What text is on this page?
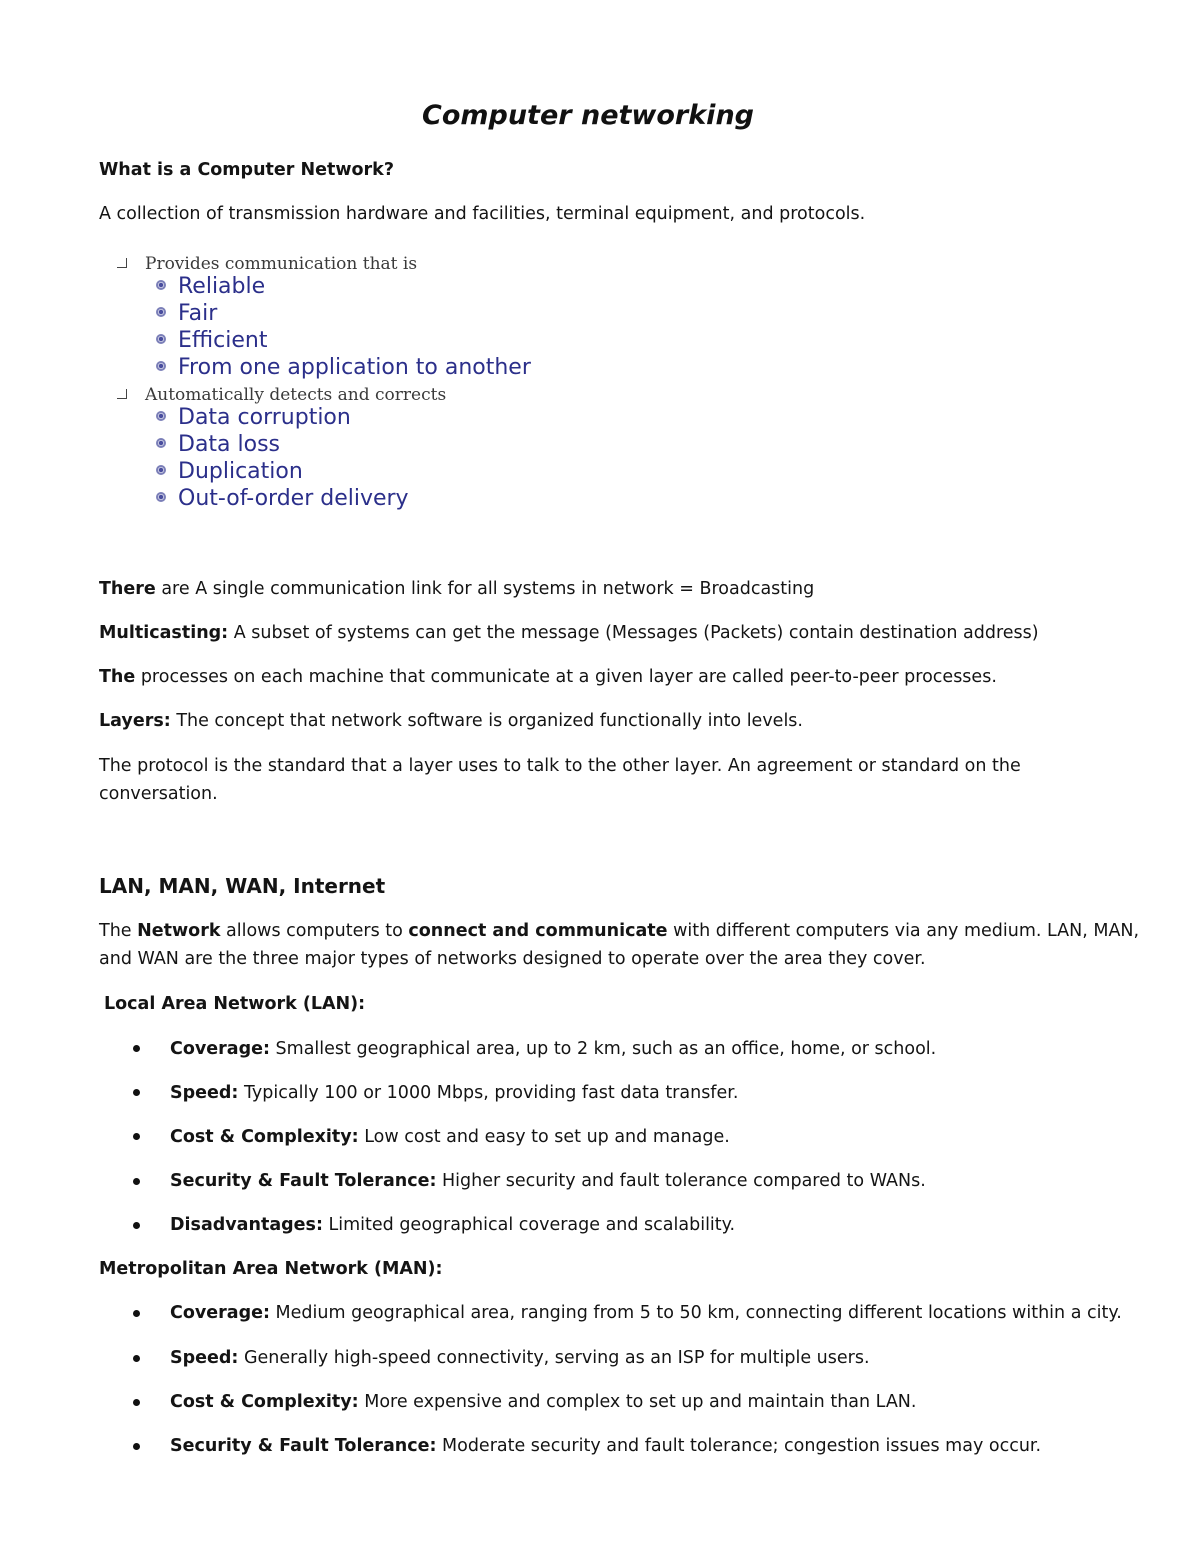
Computer networking
What is a Computer Network?
A collection of transmission hardware and facilities, terminal equipment, and protocols.
Provides communication that is
Reliable
Fair
Efficient
From one application to another
Automatically detects and corrects
Data corruption
Data loss
Duplication
Out-of-order delivery
There are A single communication link for all systems in network = Broadcasting
Multicasting: A subset of systems can get the message (Messages (Packets) contain destination address)
The processes on each machine that communicate at a given layer are called peer-to-peer processes.
Layers: The concept that network software is organized functionally into levels.
The protocol is the standard that a layer uses to talk to the other layer. An agreement or standard on the
conversation.
LAN, MAN, WAN, Internet
The Network allows computers to connect and communicate with different computers via any medium. LAN, MAN,
and WAN are the three major types of networks designed to operate over the area they cover.
Local Area Network (LAN):
Coverage: Smallest geographical area, up to 2 km, such as an office, home, or school.
Speed: Typically 100 or 1000 Mbps, providing fast data transfer.
Cost & Complexity: Low cost and easy to set up and manage.
Security & Fault Tolerance: Higher security and fault tolerance compared to WANs.
Disadvantages: Limited geographical coverage and scalability.
Metropolitan Area Network (MAN):
Coverage: Medium geographical area, ranging from 5 to 50 km, connecting different locations within a city.
Speed: Generally high-speed connectivity, serving as an ISP for multiple users.
Cost & Complexity: More expensive and complex to set up and maintain than LAN.
Security & Fault Tolerance: Moderate security and fault tolerance; congestion issues may occur.
